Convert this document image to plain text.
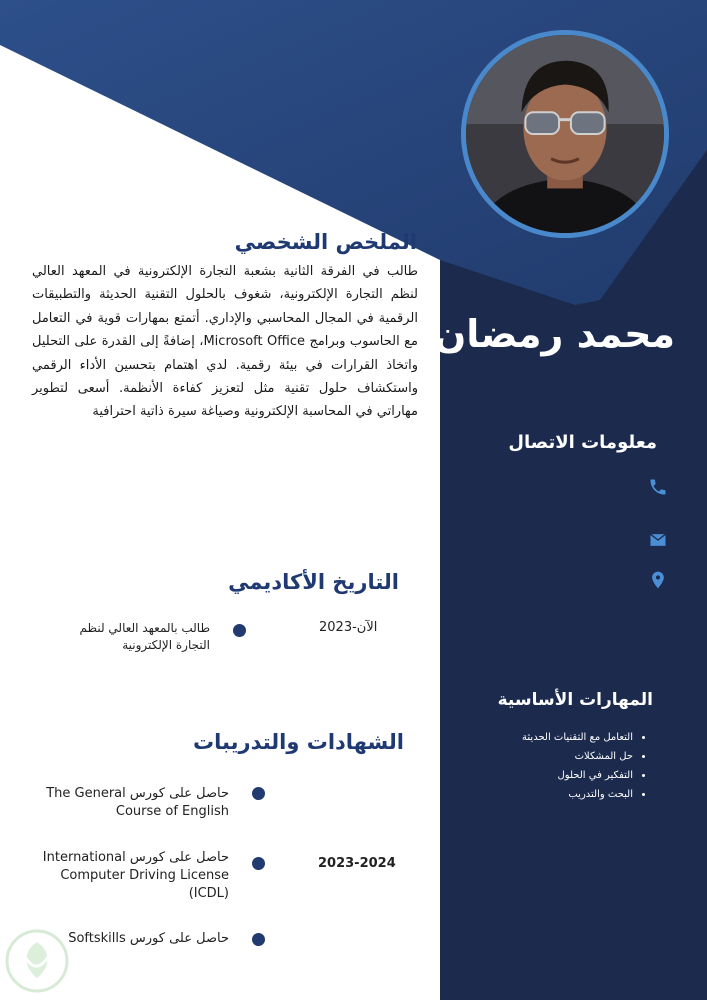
الملخص الشخصي

طالب في الفرقة الثانية بشعبة التجارة الإلكترونية في المعهد العالي لنظم التجارة الإلكترونية، شغوف بالحلول التقنية الحديثة والتطبيقات الرقمية في المجال المحاسبي والإداري. أتمتع بمهارات قوية في التعامل مع الحاسوب وبرامج Microsoft Office، إضافةً إلى القدرة على التحليل واتخاذ القرارات في بيئة رقمية. لدي اهتمام بتحسين الأداء الرقمي واستكشاف حلول تقنية مثل لتعزيز كفاءة الأنظمة. أسعى لتطوير مهاراتي في المحاسبة الإلكترونية وصياغة سيرة ذاتية احترافية

التاريخ الأكاديمي
2023-الآن
طالب بالمعهد العالي لنظم التجارة الإلكترونية
الشهادات والتدريبات
حاصل على كورس The General Course of English
2023-2024
حاصل على كورس International Computer Driving License (ICDL)
حاصل على كورس Softskills
محمد رمضان
معلومات الاتصال
المهارات الأساسية
• التعامل مع التقنيات الحديثة
• حل المشكلات
• التفكير في الحلول
• البحث والتدريب
